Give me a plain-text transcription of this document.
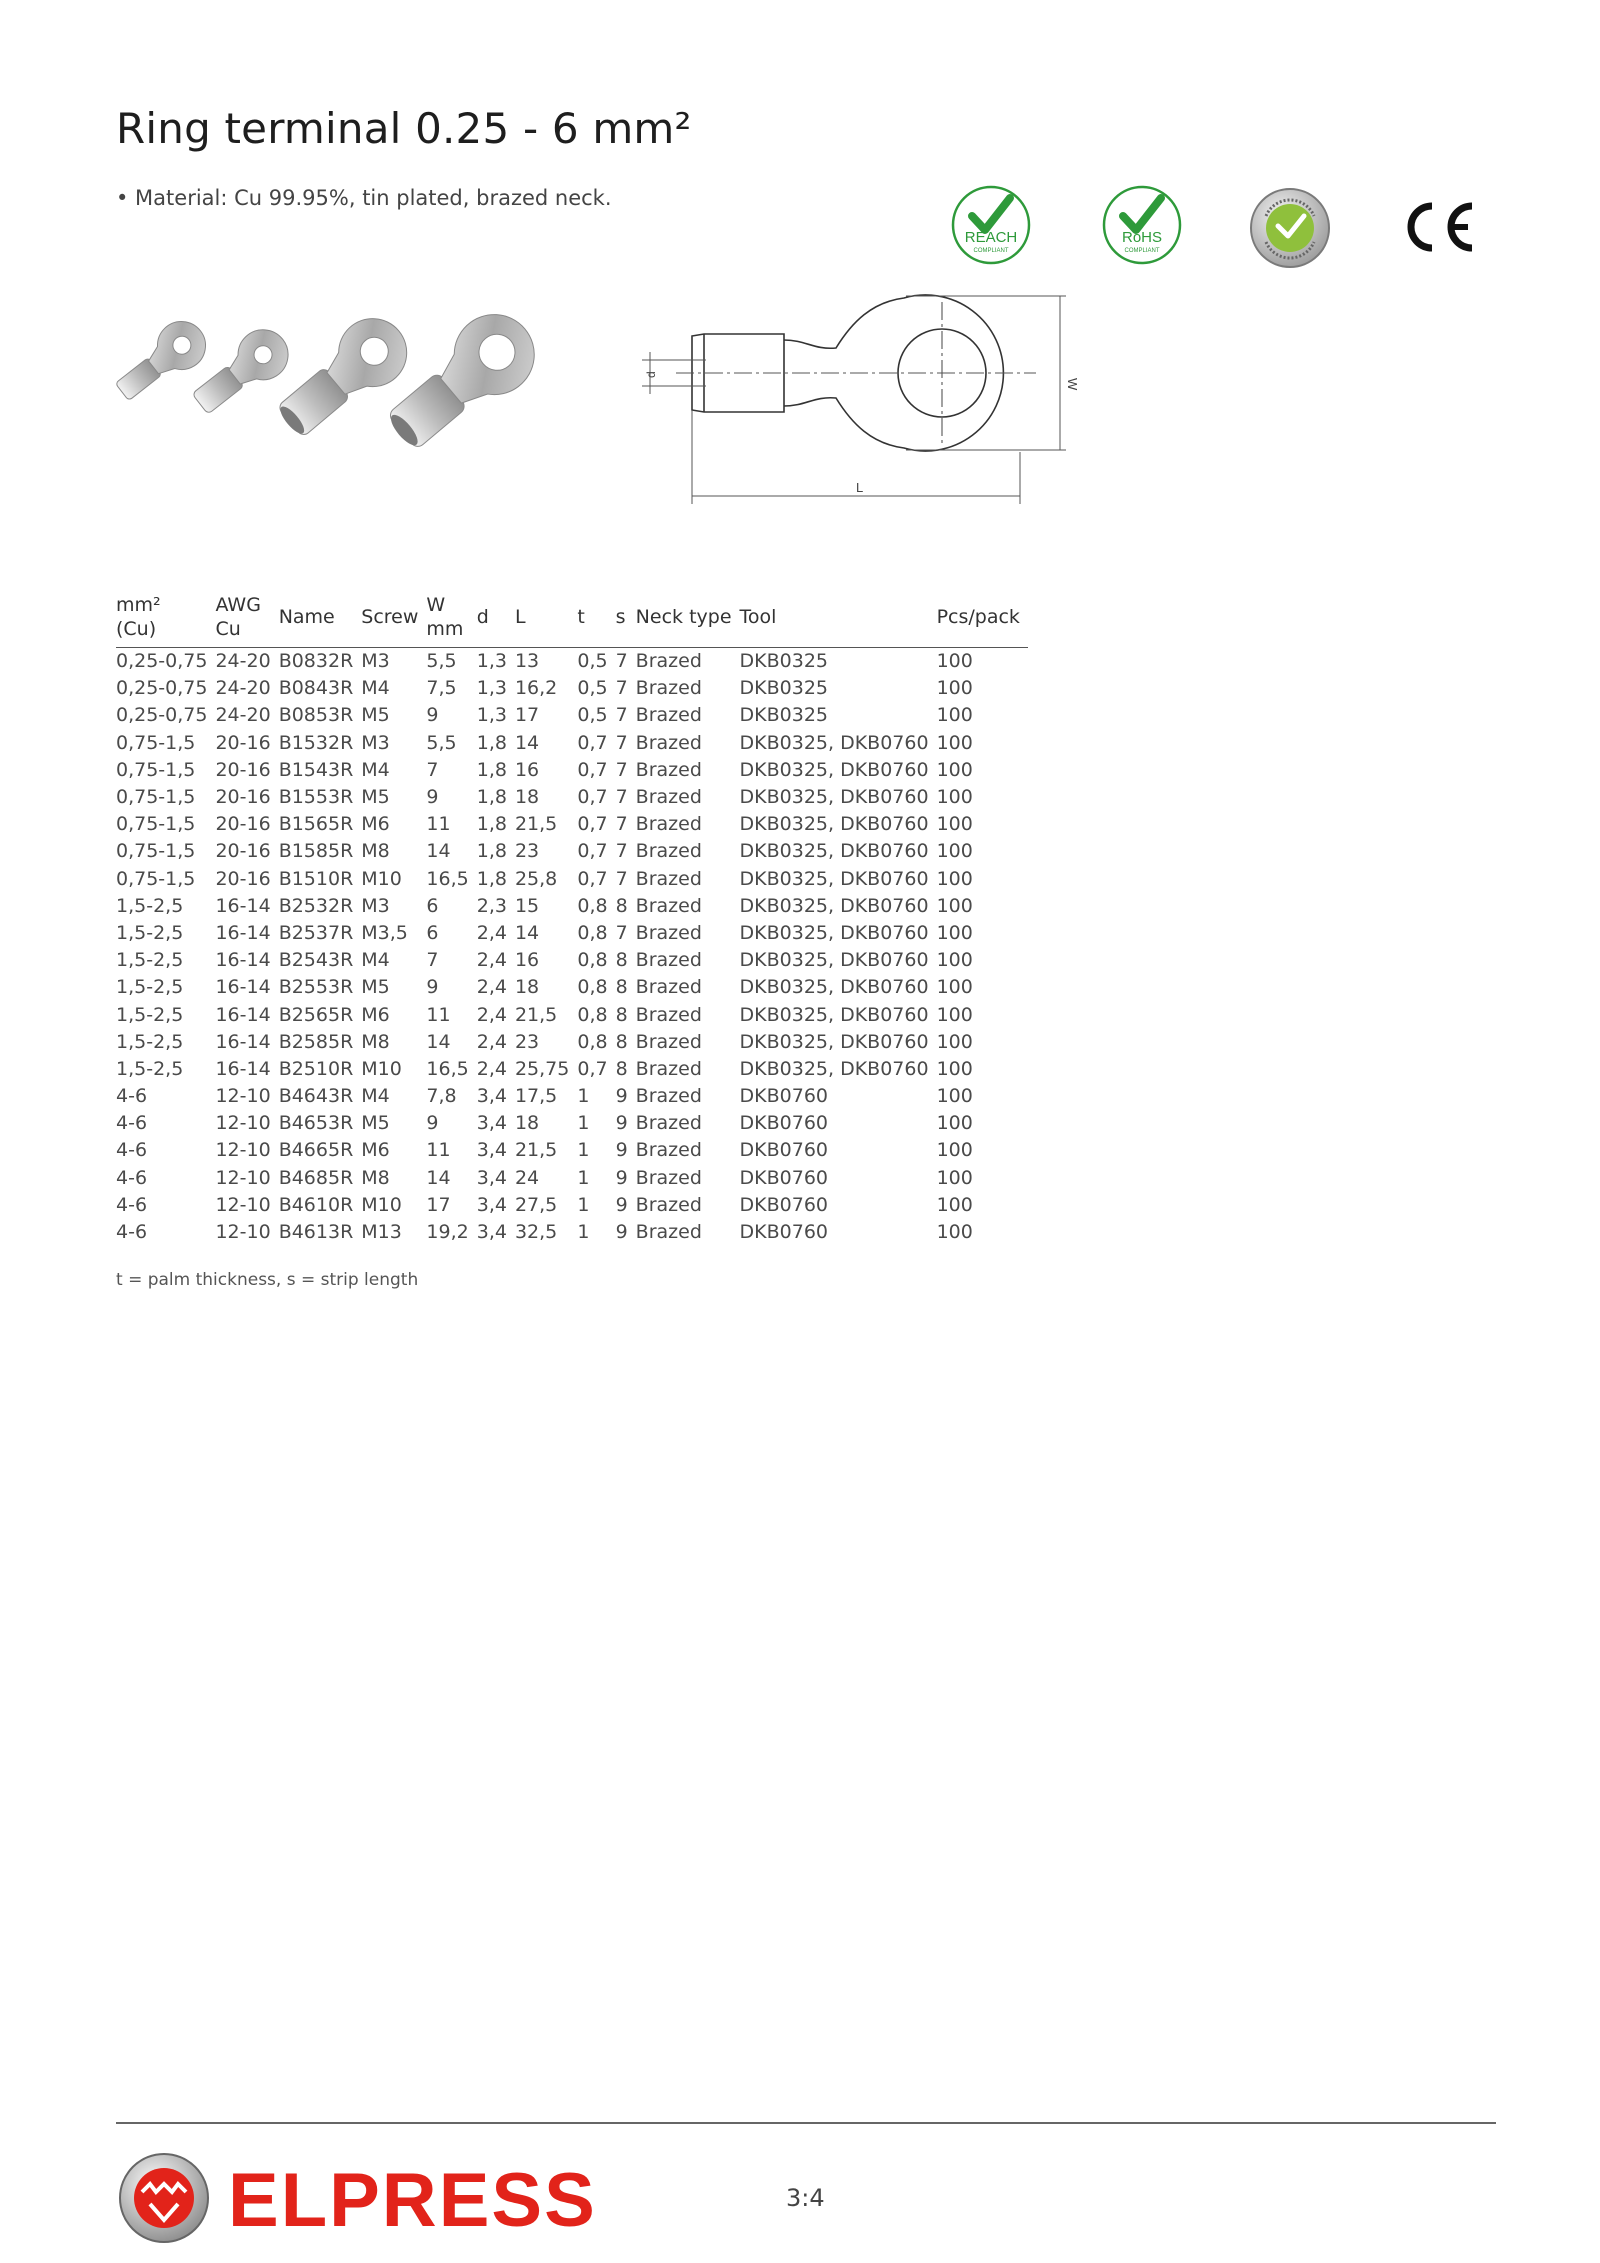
Ring terminal 0.25 - 6 mm²
• Material: Cu 99.95%, tin plated, brazed neck.
REACH
COMPLIANT
RoHS
COMPLIANT
d
W
L
mm²
(Cu)	AWG
Cu	Name	Screw	W
mm	d	L	t	s	Neck type	Tool	Pcs/pack
0,25-0,75	24-20	B0832R	M3	5,5	1,3	13	0,5	7	Brazed	DKB0325	100
0,25-0,75	24-20	B0843R	M4	7,5	1,3	16,2	0,5	7	Brazed	DKB0325	100
0,25-0,75	24-20	B0853R	M5	9	1,3	17	0,5	7	Brazed	DKB0325	100
0,75-1,5	20-16	B1532R	M3	5,5	1,8	14	0,7	7	Brazed	DKB0325, DKB0760	100
0,75-1,5	20-16	B1543R	M4	7	1,8	16	0,7	7	Brazed	DKB0325, DKB0760	100
0,75-1,5	20-16	B1553R	M5	9	1,8	18	0,7	7	Brazed	DKB0325, DKB0760	100
0,75-1,5	20-16	B1565R	M6	11	1,8	21,5	0,7	7	Brazed	DKB0325, DKB0760	100
0,75-1,5	20-16	B1585R	M8	14	1,8	23	0,7	7	Brazed	DKB0325, DKB0760	100
0,75-1,5	20-16	B1510R	M10	16,5	1,8	25,8	0,7	7	Brazed	DKB0325, DKB0760	100
1,5-2,5	16-14	B2532R	M3	6	2,3	15	0,8	8	Brazed	DKB0325, DKB0760	100
1,5-2,5	16-14	B2537R	M3,5	6	2,4	14	0,8	7	Brazed	DKB0325, DKB0760	100
1,5-2,5	16-14	B2543R	M4	7	2,4	16	0,8	8	Brazed	DKB0325, DKB0760	100
1,5-2,5	16-14	B2553R	M5	9	2,4	18	0,8	8	Brazed	DKB0325, DKB0760	100
1,5-2,5	16-14	B2565R	M6	11	2,4	21,5	0,8	8	Brazed	DKB0325, DKB0760	100
1,5-2,5	16-14	B2585R	M8	14	2,4	23	0,8	8	Brazed	DKB0325, DKB0760	100
1,5-2,5	16-14	B2510R	M10	16,5	2,4	25,75	0,7	8	Brazed	DKB0325, DKB0760	100
4-6	12-10	B4643R	M4	7,8	3,4	17,5	1	9	Brazed	DKB0760	100
4-6	12-10	B4653R	M5	9	3,4	18	1	9	Brazed	DKB0760	100
4-6	12-10	B4665R	M6	11	3,4	21,5	1	9	Brazed	DKB0760	100
4-6	12-10	B4685R	M8	14	3,4	24	1	9	Brazed	DKB0760	100
4-6	12-10	B4610R	M10	17	3,4	27,5	1	9	Brazed	DKB0760	100
4-6	12-10	B4613R	M13	19,2	3,4	32,5	1	9	Brazed	DKB0760	100
t = palm thickness, s = strip length
ELPRESS	3:4
